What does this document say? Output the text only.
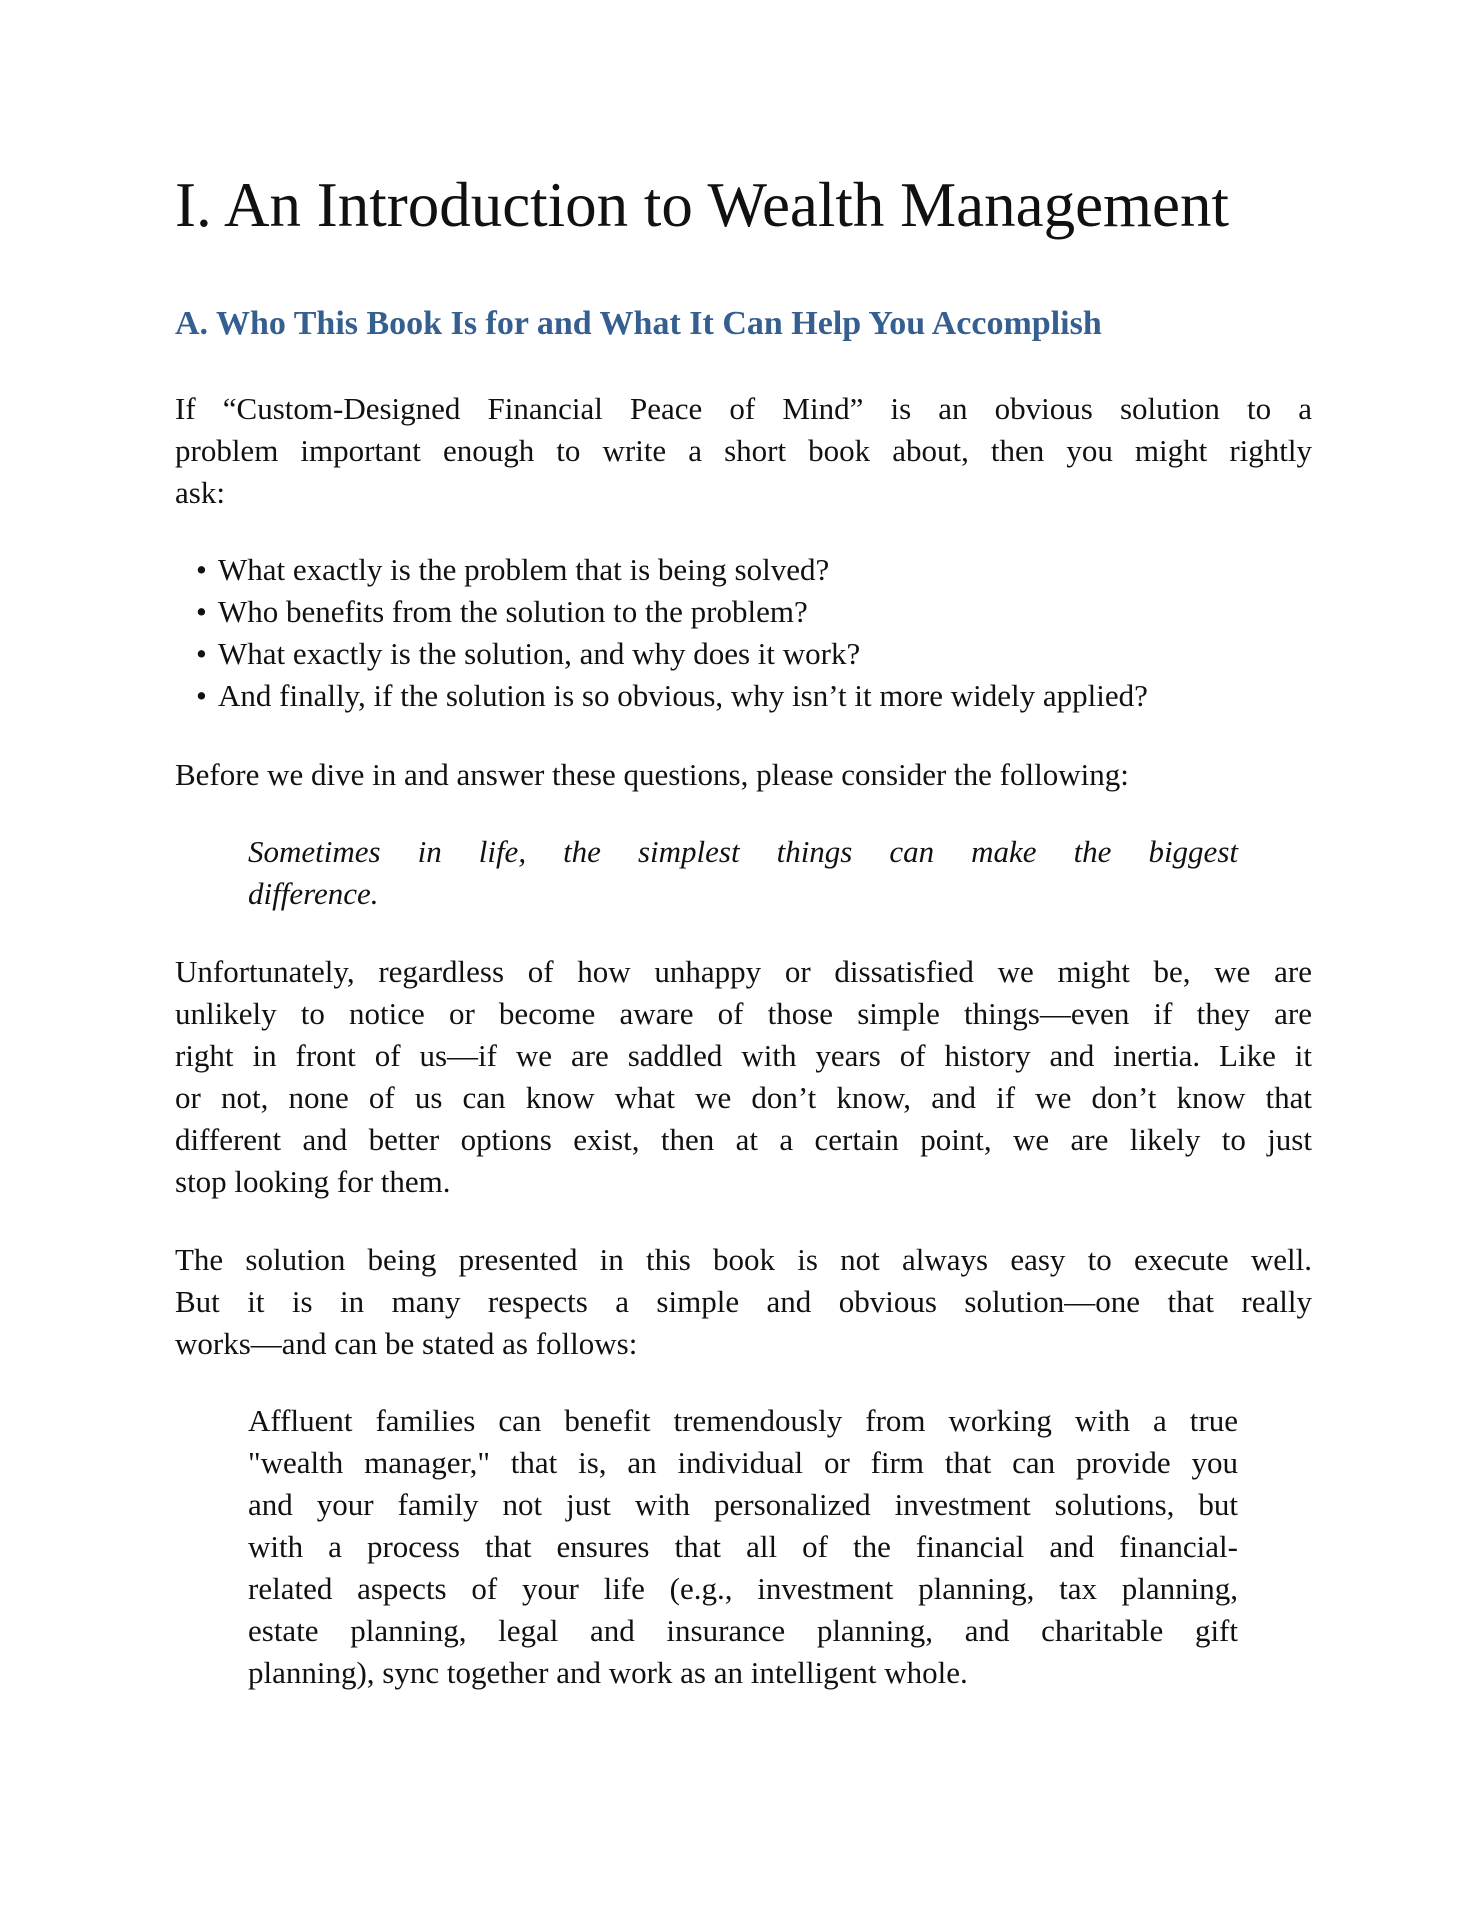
I. An Introduction to Wealth Management
A. Who This Book Is for and What It Can Help You Accomplish
If “Custom-Designed Financial Peace of Mind” is an obvious solution to a
problem important enough to write a short book about, then you might rightly
ask:
• What exactly is the problem that is being solved?
• Who benefits from the solution to the problem?
• What exactly is the solution, and why does it work?
• And finally, if the solution is so obvious, why isn’t it more widely applied?
Before we dive in and answer these questions, please consider the following:
Sometimes in life, the simplest things can make the biggest
difference.
Unfortunately, regardless of how unhappy or dissatisfied we might be, we are
unlikely to notice or become aware of those simple things—even if they are
right in front of us—if we are saddled with years of history and inertia. Like it
or not, none of us can know what we don’t know, and if we don’t know that
different and better options exist, then at a certain point, we are likely to just
stop looking for them.
The solution being presented in this book is not always easy to execute well.
But it is in many respects a simple and obvious solution—one that really
works—and can be stated as follows:
Affluent families can benefit tremendously from working with a true
"wealth manager," that is, an individual or firm that can provide you
and your family not just with personalized investment solutions, but
with a process that ensures that all of the financial and financial-
related aspects of your life (e.g., investment planning, tax planning,
estate planning, legal and insurance planning, and charitable gift
planning), sync together and work as an intelligent whole.
